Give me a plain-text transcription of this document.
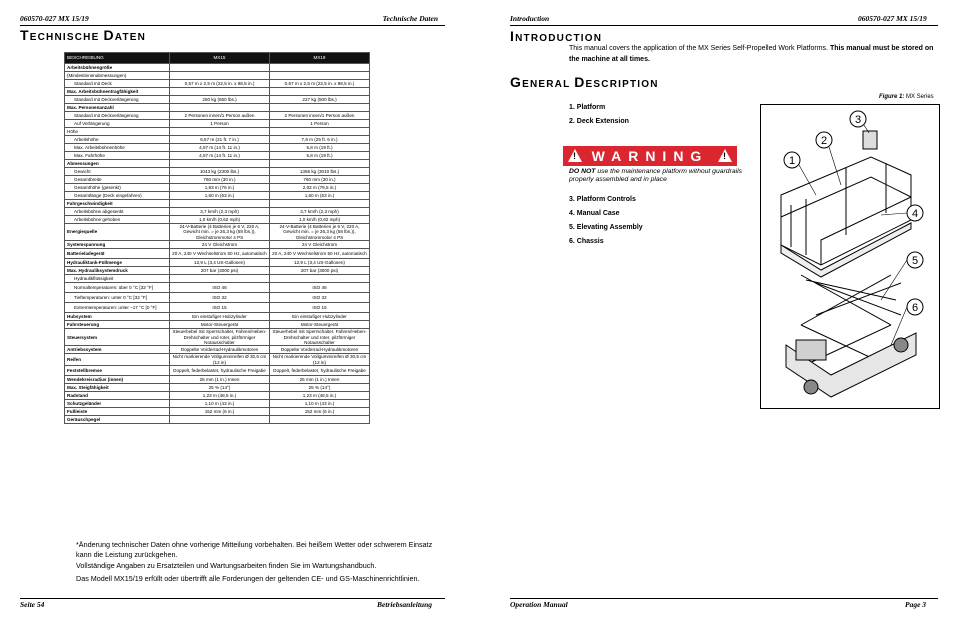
060570-027 MX 15/19	Technische Daten
TECHNISCHE DATEN
BESCHREIBUNG	MX15	MX19
Arbeitsbühnengröße		
(Mindestinnenabmessungen)		
Standard mit Deck	0,57 m x 2,5 m (22,5 in. x 98,5 in.)	0,57 m x 2,5 m (22,5 in. x 98,5 in.)
Max. Arbeitsbühnentragfähigkeit		
Standard mit Deckverlängerung	250 kg (550 lbs.)	227 kg (500 lbs.)
Max. Personenanzahl		
Standard mit Deckverlängerung	2 Personen innen/1 Person außen	2 Personen innen/1 Person außen
Auf Verlängerung	1 Person	1 Person
Höhe		
Arbeitshöhe	6,57 m (21 ft. 7 in.)	7,8 m (25 ft. 6 in.)
Max. Arbeitsbühnenhöhe	4,57 m (14 ft. 11 in.)	5,8 m (19 ft.)
Max. Fahrhöhe	4,57 m (14 ft. 11 in.)	5,8 m (19 ft.)
Abmessungen		
Gewicht	1043 kg (2300 lbs.)	1365 kg (3010 lbs.)
Gesamtbreite	760 mm (30 in.)	760 mm (30 in.)
Gesamthöhe (gesenkt)	1,93 m (76 in.)	2,02 m (79,5 in.)
Gesamtlänge (Deck eingefahren)	1,60 m (63 in.)	1,60 m (63 in.)
Fahrgeschwindigkeit		
Arbeitsbühne abgesenkt	3,7 km/h (2,3 mph)	3,7 km/h (2,3 mph)
Arbeitsbühne gehoben	1,0 km/h (0,62 mph)	1,0 km/h (0,62 mph)
Energiequelle	24-V-Batterie (4 Batterien je 6 V, 220 A, Gewicht min. = je 26,3 kg (58 lbs.)), Gleichstrommotor 4 PS	24-V-Batterie (4 Batterien je 6 V, 220 A, Gewicht min. = je 26,3 kg (58 lbs.)), Gleichstrommotor 4 PS
Systemspannung	24 V Gleichstrom	24 V Gleichstrom
Batterieladegerät	20 A, 240 V Wechselstrom 50 Hz, automatisch	20 A, 240 V Wechselstrom 50 Hz, automatisch
Hydrauliktank-Füllmenge	12,9 L (3,4 US-Gallonen)	12,9 L (3,4 US-Gallonen)
Max. Hydrauliksystemdruck	207 bar (3000 psi)	207 bar (3000 psi)
Hydraulikflüssigkeit		
Normaltemperaturen: über 0 °C [32 °F]	ISO 46	ISO 46
Tieftemperaturen: unter 0 °C [32 °F]	ISO 32	ISO 32
Extremtemperaturen: unter –17 °C [0 °F]	ISO 15	ISO 15
Hubsystem	Ein einstufiger Hubzylinder	Ein einstufiger Hubzylinder
Fahrsteuerung	Motor-Steuergerät	Motor-Steuergerät
Steuersystem	Steuerhebel mit Sperrschalter, Fahren/Heben-Drehschalter und roter, pilzförmiger Notausschalter	Steuerhebel mit Sperrschalter, Fahren/Heben-Drehschalter und roter, pilzförmiger Notausschalter
Antriebssystem	Doppelte Vorderrad-Hydraulikmotoren	Doppelte Vorderrad-Hydraulikmotoren
Reifen	Nicht markierende Vollgummireifen Ø 30,5 cm (12 in)	Nicht markierende Vollgummireifen Ø 30,5 cm (12 in)
Feststellbremse	Doppelt, federbelastet, hydraulische Freigabe	Doppelt, federbelastet, hydraulische Freigabe
Wendekreisradius (innen)	25 mm (1 in.) Innen	25 mm (1 in.) Innen
Max. Steigfähigkeit	25 % (14°)	25 % (14°)
Radstand	1,23 m (48,5 in.)	1,23 m (48,5 in.)
Schutzgeländer	1,10 m (43 in.)	1,10 m (43 in.)
Fußleiste	152 mm (6 in.)	152 mm (6 in.)
Geräuschpegel		
*Änderung technischer Daten ohne vorherige Mitteilung vorbehalten. Bei heißem Wetter oder schwerem Einsatz kann die Leistung zurückgehen.
Vollständige Angaben zu Ersatzteilen und Wartungsarbeiten finden Sie im Wartungshandbuch.
Das Modell MX15/19 erfüllt oder übertrifft alle Forderungen der geltenden CE- und GS-Maschinenrichtlinien.
Seite 54	Betriebsanleitung
Introduction	060570-027 MX 15/19
INTRODUCTION
This manual covers the application of the MX Series Self-Propelled Work Platforms. This manual must be stored on the machine at all times.
GENERAL DESCRIPTION
Figure 1: MX Series
1. Platform
2. Deck Extension
! WARNING !
DO NOT use the maintenance platform without guardrails properly assembled and in place
3. Platform Controls
4. Manual Case
5. Elevating Assembly
6. Chassis
1
2
3
4
5
6
Operation Manual	Page 3
